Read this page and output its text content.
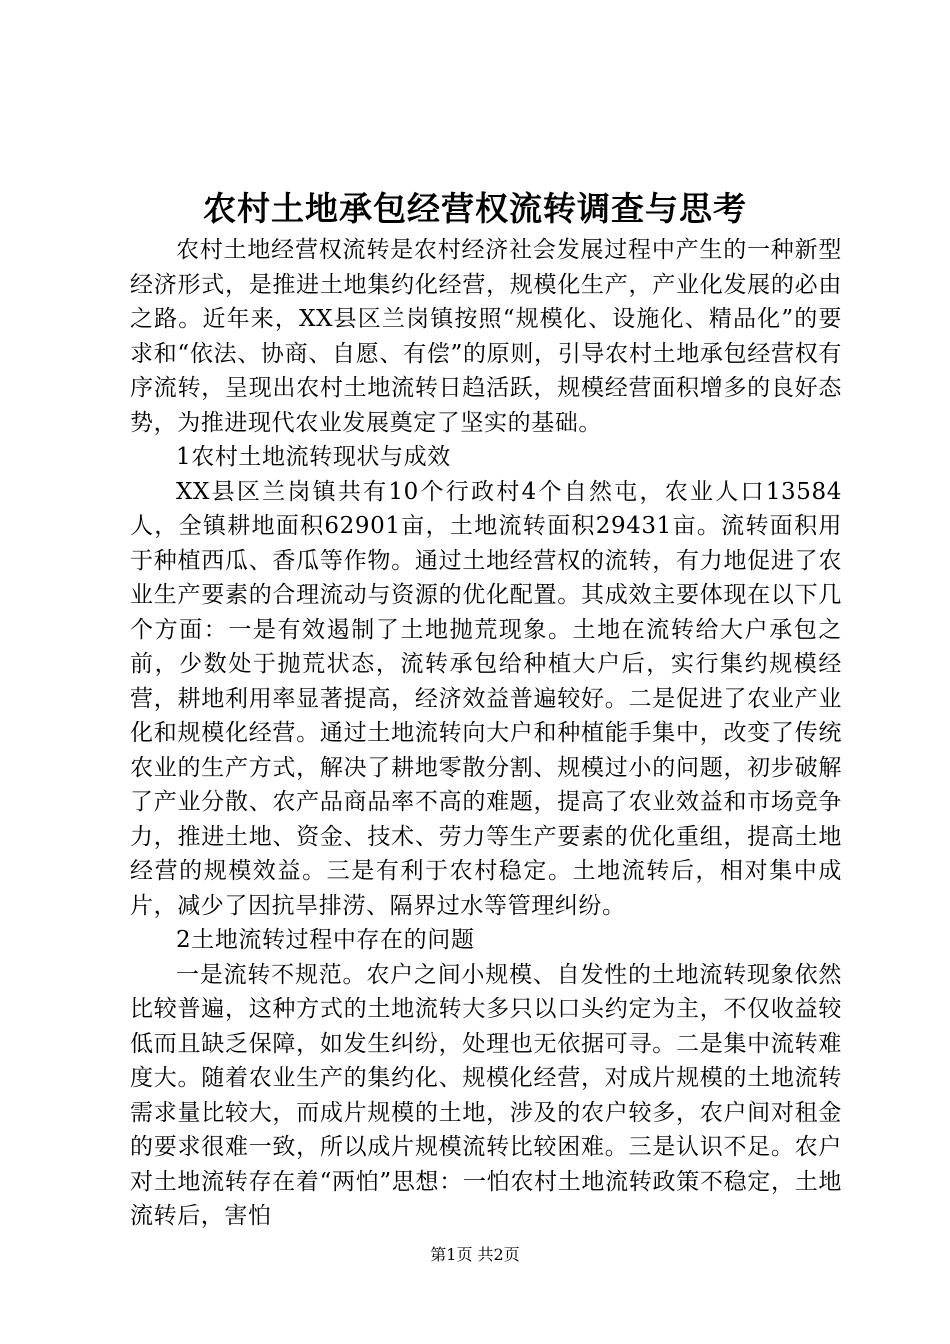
农村土地承包经营权流转调查与思考

农村土地经营权流转是农村经济社会发展过程中产生的一种新型经济形式，是推进土地集约化经营，规模化生产，产业化发展的必由之路。近年来，XX县区兰岗镇按照“规模化、设施化、精品化”的要求和“依法、协商、自愿、有偿”的原则，引导农村土地承包经营权有序流转，呈现出农村土地流转日趋活跃，规模经营面积增多的良好态势，为推进现代农业发展奠定了坚实的基础。

1农村土地流转现状与成效

XX县区兰岗镇共有10个行政村4个自然屯，农业人口13584人，全镇耕地面积62901亩，土地流转面积29431亩。流转面积用于种植西瓜、香瓜等作物。通过土地经营权的流转，有力地促进了农业生产要素的合理流动与资源的优化配置。其成效主要体现在以下几个方面：一是有效遏制了土地抛荒现象。土地在流转给大户承包之前，少数处于抛荒状态，流转承包给种植大户后，实行集约规模经营，耕地利用率显著提高，经济效益普遍较好。二是促进了农业产业化和规模化经营。通过土地流转向大户和种植能手集中，改变了传统农业的生产方式，解决了耕地零散分割、规模过小的问题，初步破解了产业分散、农产品商品率不高的难题，提高了农业效益和市场竞争力，推进土地、资金、技术、劳力等生产要素的优化重组，提高土地经营的规模效益。三是有利于农村稳定。土地流转后，相对集中成片，减少了因抗旱排涝、隔界过水等管理纠纷。

2土地流转过程中存在的问题

一是流转不规范。农户之间小规模、自发性的土地流转现象依然比较普遍，这种方式的土地流转大多只以口头约定为主，不仅收益较低而且缺乏保障，如发生纠纷，处理也无依据可寻。二是集中流转难度大。随着农业生产的集约化、规模化经营，对成片规模的土地流转需求量比较大，而成片规模的土地，涉及的农户较多，农户间对租金的要求很难一致，所以成片规模流转比较困难。三是认识不足。农户对土地流转存在着“两怕”思想：一怕农村土地流转政策不稳定，土地流转后，害怕

第1页 共2页
